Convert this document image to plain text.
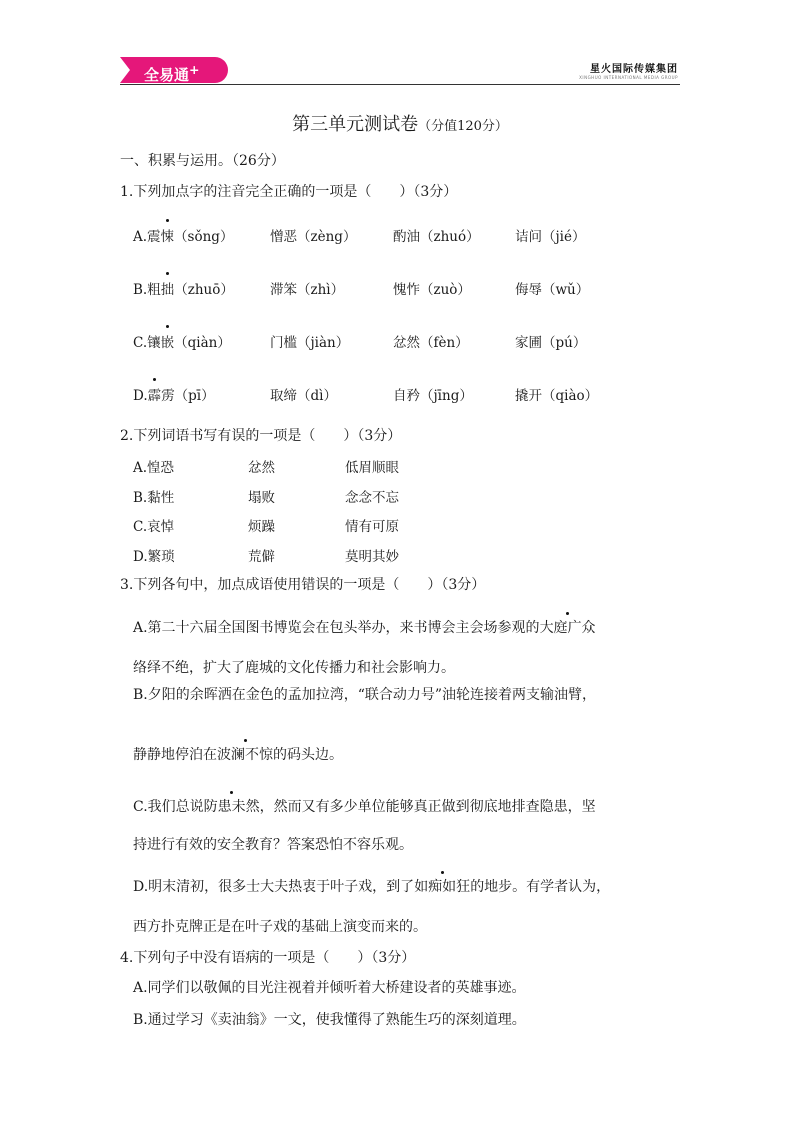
全易通+	星火国际传媒集团
XINGHUO INTERNATIONAL MEDIA GROUP
第三单元测试卷（分值120分）
一、积累与运用。（26分）
1.下列加点字的注音完全正确的一项是（　　）（3分）
A.震悚（sǒng）	憎恶（zèng）	酌油（zhuó）	诘问（jié）
B.粗拙（zhuō）	滞笨（zhì）	愧怍（zuò）	侮辱（wǔ）
C.镶嵌（qiàn）	门槛（jiàn）	忿然（fèn）	家圃（pú）
D.霹雳（pī）	取缔（dì）	自矜（jīng）	撬开（qiào）
2.下列词语书写有误的一项是（　　）（3分）
A.惶恐	忿然	低眉顺眼
B.黏性	塌败	念念不忘
C.哀悼	烦躁	情有可原
D.繁琐	荒僻	莫明其妙
3.下列各句中，加点成语使用错误的一项是（　　）（3分）
A.第二十六届全国图书博览会在包头举办，来书博会主会场参观的大庭广众
络绎不绝，扩大了鹿城的文化传播力和社会影响力。
B.夕阳的余晖洒在金色的孟加拉湾，“联合动力号”油轮连接着两支输油臂，
静静地停泊在波澜不惊的码头边。
C.我们总说防患未然，然而又有多少单位能够真正做到彻底地排查隐患，坚
持进行有效的安全教育？答案恐怕不容乐观。
D.明末清初，很多士大夫热衷于叶子戏，到了如痴如狂的地步。有学者认为，
西方扑克牌正是在叶子戏的基础上演变而来的。
4.下列句子中没有语病的一项是（　　）（3分）
A.同学们以敬佩的目光注视着并倾听着大桥建设者的英雄事迹。
B.通过学习《卖油翁》一文，使我懂得了熟能生巧的深刻道理。
